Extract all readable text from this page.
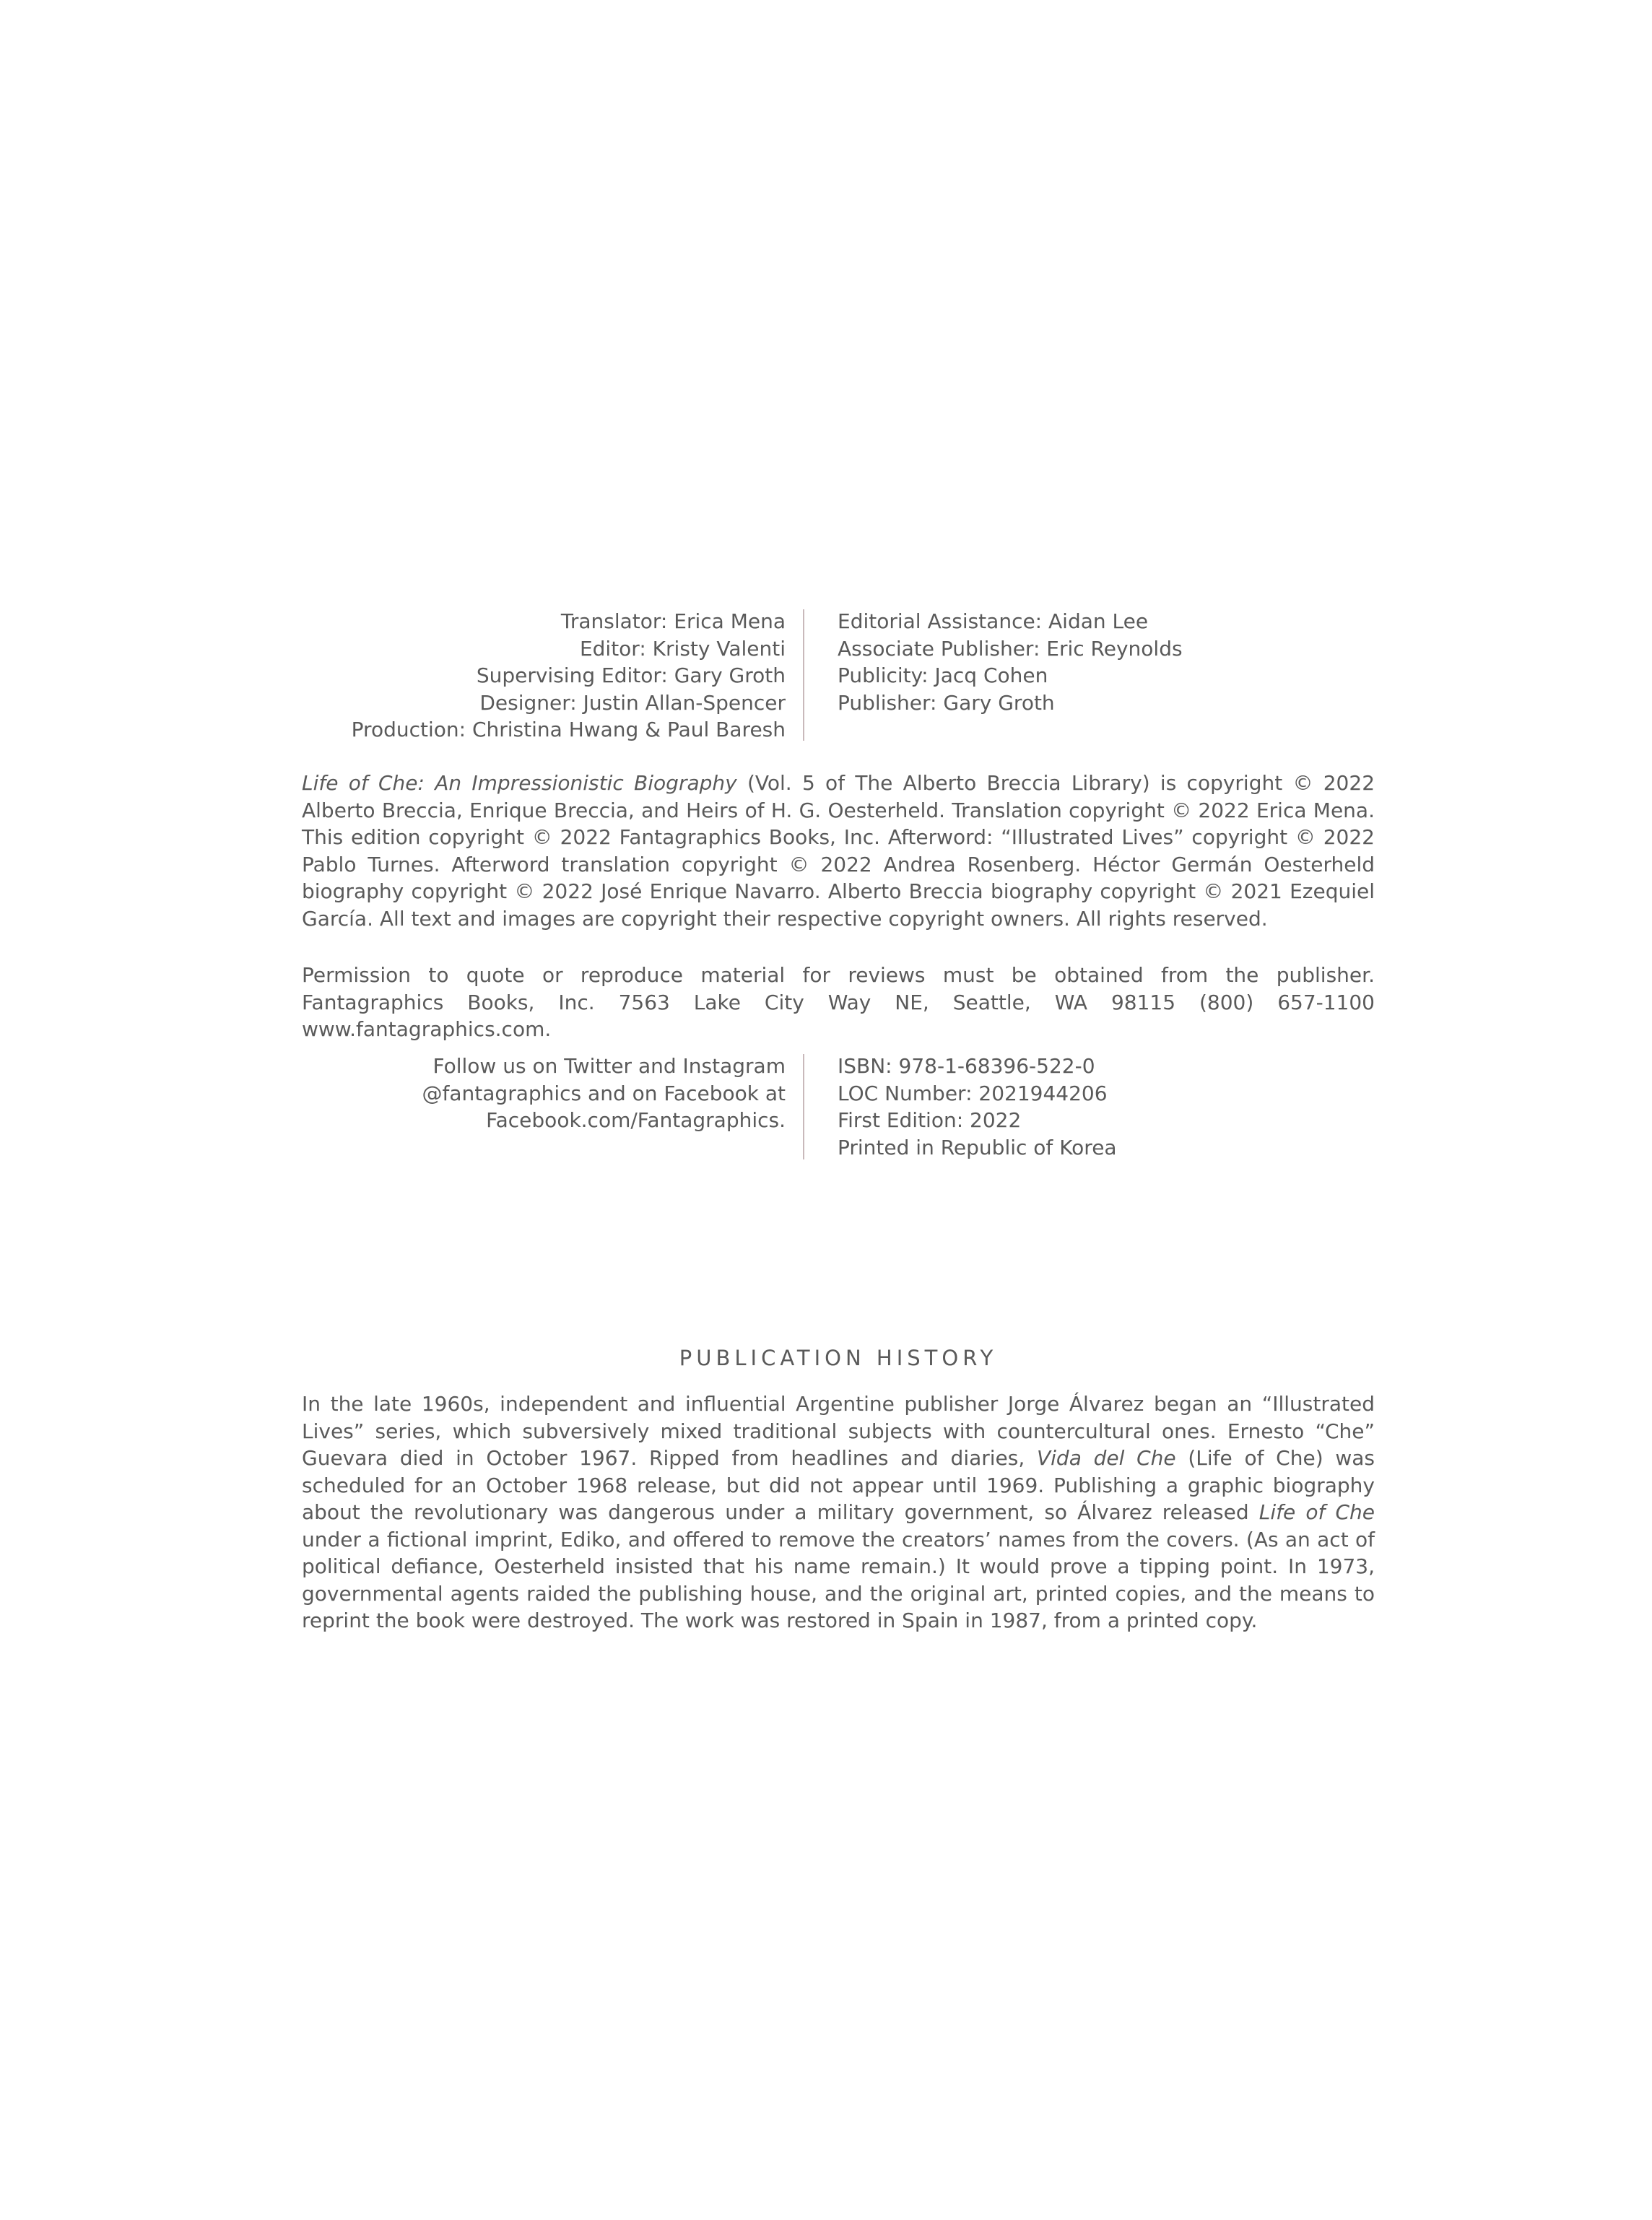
Translator: Erica Mena
Editor: Kristy Valenti
Supervising Editor: Gary Groth
Designer: Justin Allan-Spencer
Production: Christina Hwang & Paul Baresh
Editorial Assistance: Aidan Lee
Associate Publisher: Eric Reynolds
Publicity: Jacq Cohen
Publisher: Gary Groth

Life of Che: An Impressionistic Biography (Vol. 5 of The Alberto Breccia Library) is copyright © 2022 Alberto Breccia, Enrique Breccia, and Heirs of H. G. Oesterheld. Translation copyright © 2022 Erica Mena. This edition copyright © 2022 Fantagraphics Books, Inc. Afterword: “Illustrated Lives” copyright © 2022 Pablo Turnes. Afterword translation copyright © 2022 Andrea Rosenberg. Héctor Germán Oesterheld biography copyright © 2022 José Enrique Navarro. Alberto Breccia biography copyright © 2021 Ezequiel García. All text and images are copyright their respective copyright owners. All rights reserved.

Permission to quote or reproduce material for reviews must be obtained from the publisher. Fantagraphics Books, Inc. 7563 Lake City Way NE, Seattle, WA 98115 (800) 657-1100 www.fantagraphics.com.

Follow us on Twitter and Instagram
@fantagraphics and on Facebook at
Facebook.com/Fantagraphics.
ISBN: 978-1-68396-522-0
LOC Number: 2021944206
First Edition: 2022
Printed in Republic of Korea
PUBLICATION HISTORY

In the late 1960s, independent and influential Argentine publisher Jorge Álvarez began an “Illustrated Lives” series, which subversively mixed traditional subjects with countercultural ones. Ernesto “Che” Guevara died in October 1967. Ripped from headlines and diaries, Vida del Che (Life of Che) was scheduled for an October 1968 release, but did not appear until 1969. Publishing a graphic biography about the revolutionary was dangerous under a military government, so Álvarez released Life of Che under a fictional imprint, Ediko, and offered to remove the creators’ names from the covers. (As an act of political defiance, Oesterheld insisted that his name remain.) It would prove a tipping point. In 1973, governmental agents raided the publishing house, and the original art, printed copies, and the means to reprint the book were destroyed. The work was restored in Spain in 1987, from a printed copy.
